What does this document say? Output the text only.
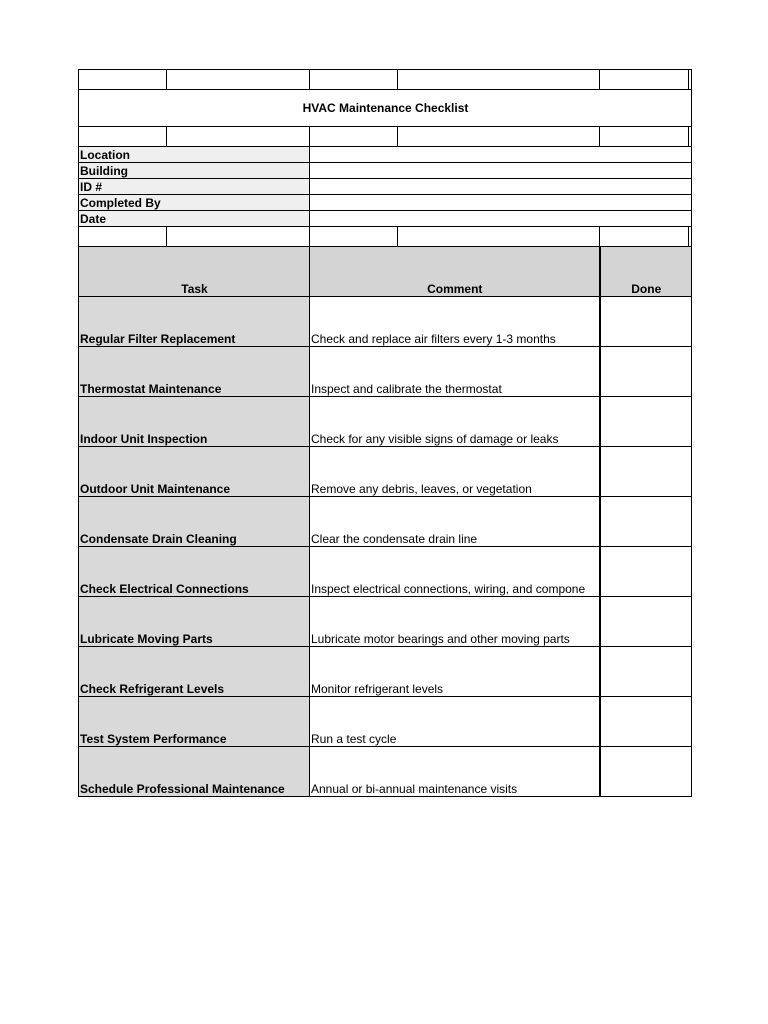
HVAC Maintenance Checklist					

Location					
Building					
ID #					
Completed By					
Date					

Task		Comment		Done	
Regular Filter Replacement		Check and replace air filters every 1-3 months			
Thermostat Maintenance		Inspect and calibrate the thermostat			
Indoor Unit Inspection		Check for any visible signs of damage or leaks			
Outdoor Unit Maintenance		Remove any debris, leaves, or vegetation			
Condensate Drain Cleaning		Clear the condensate drain line			
Check Electrical Connections		Inspect electrical connections, wiring, and compone			
Lubricate Moving Parts		Lubricate motor bearings and other moving parts			
Check Refrigerant Levels		Monitor refrigerant levels			
Test System Performance		Run a test cycle			
Schedule Professional Maintenance		Annual or bi-annual maintenance visits			
